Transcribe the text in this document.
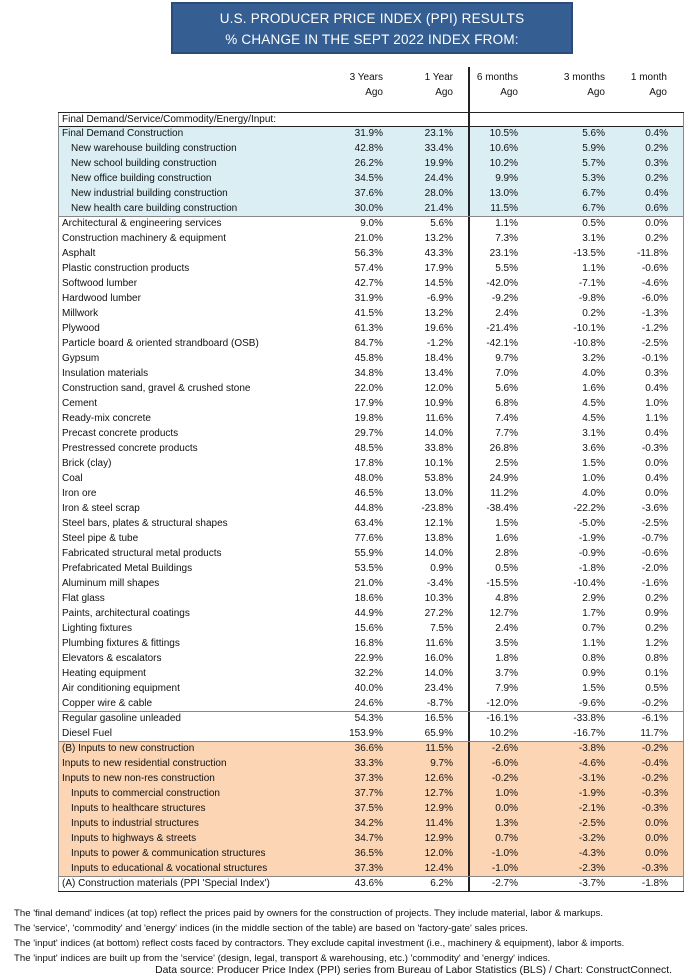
U.S. PRODUCER PRICE INDEX (PPI) RESULTS
% CHANGE IN THE SEPT 2022 INDEX FROM:
3 Years
Ago
1 Year
Ago
6 months
Ago
3 months
Ago
1 month
Ago
Final Demand/Service/Commodity/Energy/Input:
Final Demand Construction	31.9%	23.1%	10.5%	5.6%	0.4%
New warehouse building construction	42.8%	33.4%	10.6%	5.9%	0.2%
New school building construction	26.2%	19.9%	10.2%	5.7%	0.3%
New office building construction	34.5%	24.4%	9.9%	5.3%	0.2%
New industrial building construction	37.6%	28.0%	13.0%	6.7%	0.4%
New health care building construction	30.0%	21.4%	11.5%	6.7%	0.6%
Architectural & engineering services	9.0%	5.6%	1.1%	0.5%	0.0%
Construction machinery & equipment	21.0%	13.2%	7.3%	3.1%	0.2%
Asphalt	56.3%	43.3%	23.1%	-13.5%	-11.8%
Plastic construction products	57.4%	17.9%	5.5%	1.1%	-0.6%
Softwood lumber	42.7%	14.5%	-42.0%	-7.1%	-4.6%
Hardwood lumber	31.9%	-6.9%	-9.2%	-9.8%	-6.0%
Millwork	41.5%	13.2%	2.4%	0.2%	-1.3%
Plywood	61.3%	19.6%	-21.4%	-10.1%	-1.2%
Particle board & oriented strandboard (OSB)	84.7%	-1.2%	-42.1%	-10.8%	-2.5%
Gypsum	45.8%	18.4%	9.7%	3.2%	-0.1%
Insulation materials	34.8%	13.4%	7.0%	4.0%	0.3%
Construction sand, gravel & crushed stone	22.0%	12.0%	5.6%	1.6%	0.4%
Cement	17.9%	10.9%	6.8%	4.5%	1.0%
Ready-mix concrete	19.8%	11.6%	7.4%	4.5%	1.1%
Precast concrete products	29.7%	14.0%	7.7%	3.1%	0.4%
Prestressed concrete products	48.5%	33.8%	26.8%	3.6%	-0.3%
Brick (clay)	17.8%	10.1%	2.5%	1.5%	0.0%
Coal	48.0%	53.8%	24.9%	1.0%	0.4%
Iron ore	46.5%	13.0%	11.2%	4.0%	0.0%
Iron & steel scrap	44.8%	-23.8%	-38.4%	-22.2%	-3.6%
Steel bars, plates & structural shapes	63.4%	12.1%	1.5%	-5.0%	-2.5%
Steel pipe & tube	77.6%	13.8%	1.6%	-1.9%	-0.7%
Fabricated structural metal products	55.9%	14.0%	2.8%	-0.9%	-0.6%
Prefabricated Metal Buildings	53.5%	0.9%	0.5%	-1.8%	-2.0%
Aluminum mill shapes	21.0%	-3.4%	-15.5%	-10.4%	-1.6%
Flat glass	18.6%	10.3%	4.8%	2.9%	0.2%
Paints, architectural coatings	44.9%	27.2%	12.7%	1.7%	0.9%
Lighting fixtures	15.6%	7.5%	2.4%	0.7%	0.2%
Plumbing fixtures & fittings	16.8%	11.6%	3.5%	1.1%	1.2%
Elevators & escalators	22.9%	16.0%	1.8%	0.8%	0.8%
Heating equipment	32.2%	14.0%	3.7%	0.9%	0.1%
Air conditioning equipment	40.0%	23.4%	7.9%	1.5%	0.5%
Copper wire & cable	24.6%	-8.7%	-12.0%	-9.6%	-0.2%
Regular gasoline unleaded	54.3%	16.5%	-16.1%	-33.8%	-6.1%
Diesel Fuel	153.9%	65.9%	10.2%	-16.7%	11.7%
(B) Inputs to new construction	36.6%	11.5%	-2.6%	-3.8%	-0.2%
Inputs to new residential construction	33.3%	9.7%	-6.0%	-4.6%	-0.4%
Inputs to new non-res construction	37.3%	12.6%	-0.2%	-3.1%	-0.2%
Inputs to commercial construction	37.7%	12.7%	1.0%	-1.9%	-0.3%
Inputs to healthcare structures	37.5%	12.9%	0.0%	-2.1%	-0.3%
Inputs to industrial structures	34.2%	11.4%	1.3%	-2.5%	0.0%
Inputs to highways & streets	34.7%	12.9%	0.7%	-3.2%	0.0%
Inputs to power & communication structures	36.5%	12.0%	-1.0%	-4.3%	0.0%
Inputs to educational & vocational structures	37.3%	12.4%	-1.0%	-2.3%	-0.3%
(A) Construction materials (PPI 'Special Index')	43.6%	6.2%	-2.7%	-3.7%	-1.8%
The 'final demand' indices (at top) reflect the prices paid by owners for the construction of projects. They include material, labor & markups.
The 'service', 'commodity' and 'energy' indices (in the middle section of the table) are based on 'factory-gate' sales prices.
The 'input' indices (at bottom) reflect costs faced by contractors. They exclude capital investment (i.e., machinery & equipment), labor & imports.
The 'input' indices are built up from the 'service' (design, legal, transport & warehousing, etc.) 'commodity' and 'energy' indices.
Data source: Producer Price Index (PPI) series from Bureau of Labor Statistics (BLS) / Chart: ConstructConnect.
